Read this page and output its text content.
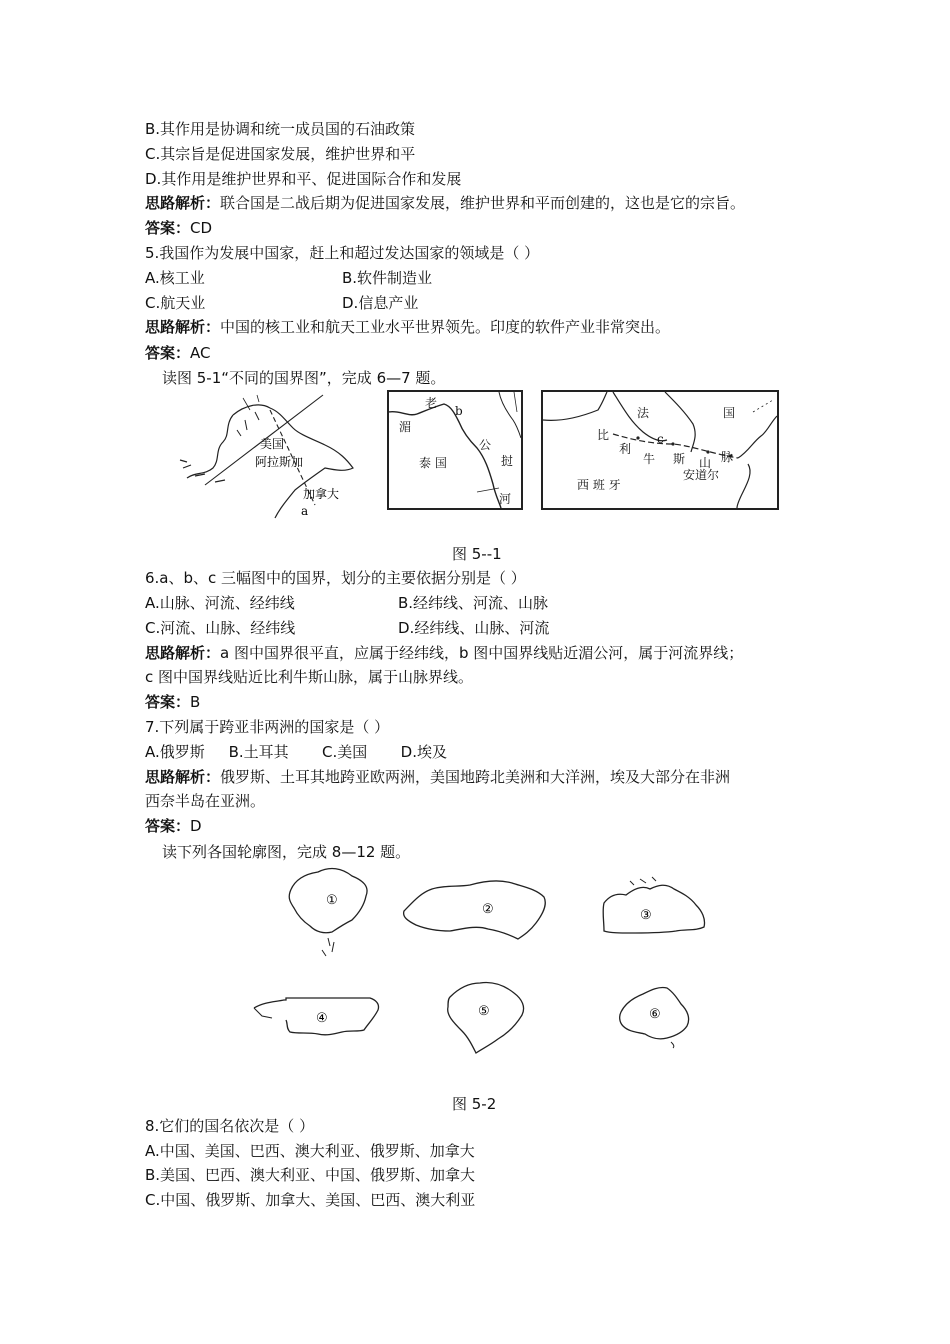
B.其作用是协调和统一成员国的石油政策
C.其宗旨是促进国家发展，维护世界和平
D.其作用是维护世界和平、促进国际合作和发展
思路解析：联合国是二战后期为促进国家发展，维护世界和平而创建的，这也是它的宗旨。
答案：CD
5.我国作为发展中国家，赶上和超过发达国家的领域是（ ）
A.核工业	B.软件制造业
C.航天业	D.信息产业
思路解析：中国的核工业和航天工业水平世界领先。印度的软件产业非常突出。
答案：AC
读图 5-1“不同的国界图”，完成 6—7 题。
美国
阿拉斯加
加拿大
a
老
b
湄
公
泰 国	挝
河
法	国
比
利
c
牛 斯 山 脉
安道尔
西 班 牙
图 5--1
6.a、b、c 三幅图中的国界，划分的主要依据分别是（ ）
A.山脉、河流、经纬线	B.经纬线、河流、山脉
C.河流、山脉、经纬线	D.经纬线、山脉、河流
思路解析：a 图中国界很平直，应属于经纬线，b 图中国界线贴近湄公河，属于河流界线；
c 图中国界线贴近比利牛斯山脉，属于山脉界线。
答案：B
7.下列属于跨亚非两洲的国家是（ ）
A.俄罗斯     B.土耳其       C.美国       D.埃及
思路解析：俄罗斯、土耳其地跨亚欧两洲，美国地跨北美洲和大洋洲，埃及大部分在非洲
西奈半岛在亚洲。
答案：D
读下列各国轮廓图，完成 8—12 题。
①
②	③
④	⑤	⑥
图 5-2
8.它们的国名依次是（ ）
A.中国、美国、巴西、澳大利亚、俄罗斯、加拿大
B.美国、巴西、澳大利亚、中国、俄罗斯、加拿大
C.中国、俄罗斯、加拿大、美国、巴西、澳大利亚
